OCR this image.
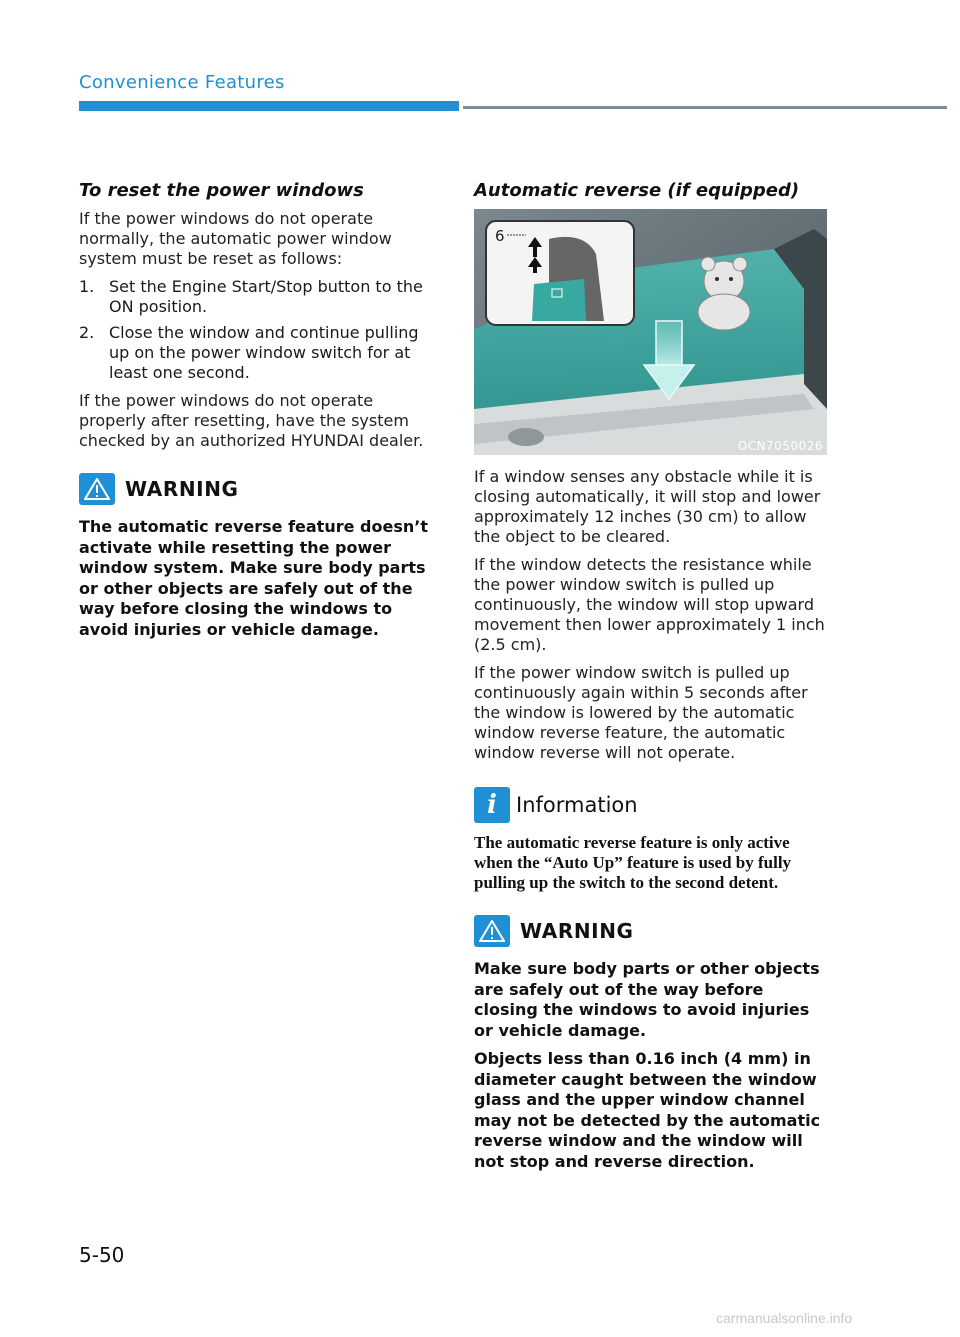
Convenience Features
To reset the power windows

If the power windows do not operate normally, the automatic power window system must be reset as follows:

1. Set the Engine Start/Stop button to the ON position.
2. Close the window and continue pulling up on the power window switch for at least one second.

If the power windows do not operate properly after resetting, have the system checked by an authorized HYUNDAI dealer.

WARNING

The automatic reverse feature doesn’t activate while resetting the power window system. Make sure body parts or other objects are safely out of the way before closing the windows to avoid injuries or vehicle damage.

Automatic reverse (if equipped)
6
OCN7050026

If a window senses any obstacle while it is closing automatically, it will stop and lower approximately 12 inches (30 cm) to allow the object to be cleared.

If the window detects the resistance while the power window switch is pulled up continuously, the window will stop upward movement then lower approximately 1 inch (2.5 cm).

If the power window switch is pulled up continuously again within 5 seconds after the window is lowered by the automatic window reverse feature, the automatic window reverse will not operate.

i Information

The automatic reverse feature is only active when the “Auto Up” feature is used by fully pulling up the switch to the second detent.

WARNING

Make sure body parts or other objects are safely out of the way before closing the windows to avoid injuries or vehicle damage.

Objects less than 0.16 inch (4 mm) in diameter caught between the window glass and the upper window channel may not be detected by the automatic reverse window and the window will not stop and reverse direction.

5-50
carmanualsonline.info
